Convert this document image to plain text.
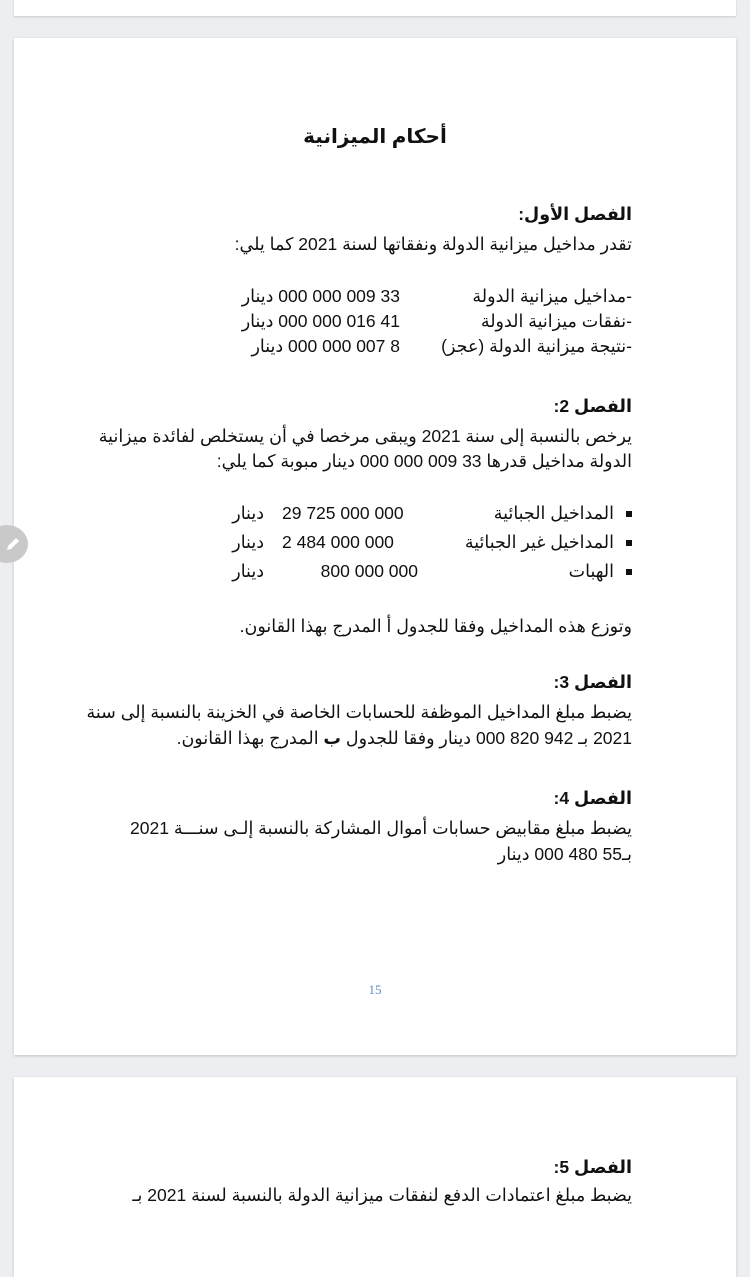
أحكام الميزانية
الفصل الأول:
تقدر مداخيل ميزانية الدولة ونفقاتها لسنة 2021 كما يلي:
-مداخيل ميزانية الدولة
33 009 000 000 دينار
-نفقات ميزانية الدولة
41 016 000 000 دينار
-نتيجة ميزانية الدولة (عجز)
8 007 000 000 دينار
الفصل 2:
يرخص بالنسبة إلى سنة 2021 ويبقى مرخصا في أن يستخلص لفائدة ميزانية
الدولة مداخيل قدرها 33 009 000 000 دينار مبوبة كما يلي:
المداخيل الجبائية
29 725 000 000
دينار
المداخيل غير الجبائية
2 484 000 000
دينار
الهبات
800 000 000
دينار
وتوزع هذه المداخيل وفقا للجدول أ المدرج بهذا القانون.
الفصل 3:
يضبط مبلغ المداخيل الموظفة للحسابات الخاصة في الخزينة بالنسبة إلى سنة
2021 بـ 942 820 000 دينار وفقا للجدول ب المدرج بهذا القانون.
الفصل 4:
يضبط مبلغ مقابيض حسابات أموال المشاركة بالنسبة إلـى سنـــة 2021
بـ55 480 000 دينار
15
الفصل 5:
يضبط مبلغ اعتمادات الدفع لنفقات ميزانية الدولة بالنسبة لسنة 2021 بـ
